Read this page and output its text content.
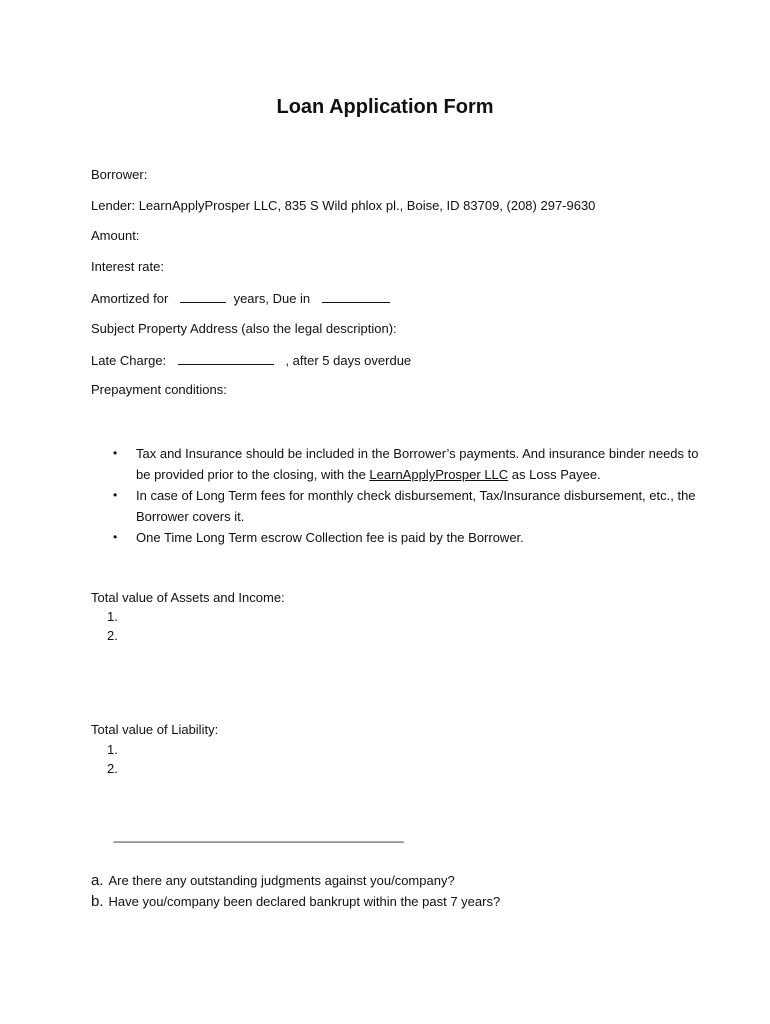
Loan Application Form
Borrower:
Lender: LearnApplyProsper LLC, 835 S Wild phlox pl., Boise, ID 83709, (208) 297-9630
Amount:
Interest rate:
Amortized for	years, Due in
Subject Property Address (also the legal description):
Late Charge:	, after 5 days overdue
Prepayment conditions:
• Tax and Insurance should be included in the Borrower’s payments. And insurance binder needs to be provided prior to the closing, with the LearnApplyProsper LLC as Loss Payee.
• In case of Long Term fees for monthly check disbursement, Tax/Insurance disbursement, etc., the Borrower covers it.
• One Time Long Term escrow Collection fee is paid by the Borrower.
Total value of Assets and Income:
1.
2.
Total value of Liability:
1.
2.
-------------------------------------------------------------------------------------------------------------
a. Are there any outstanding judgments against you/company?
b. Have you/company been declared bankrupt within the past 7 years?
